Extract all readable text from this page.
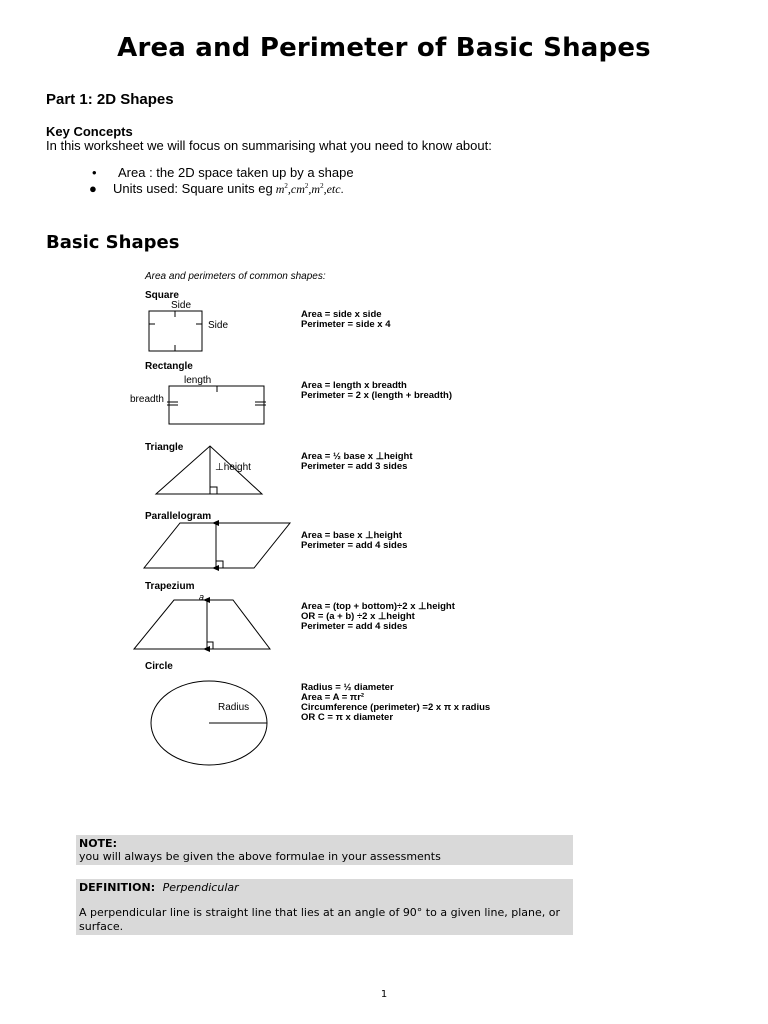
Area and Perimeter of Basic Shapes
Part 1: 2D Shapes
Key Concepts
In this worksheet we will focus on summarising what you need to know about:
•	Area : the 2D space taken up by a shape
●	Units used: Square units eg $m^2,cm^2,m^2,etc$.
Basic Shapes
Area and perimeters of common shapes:
Square
Side
Side
Area = side x side
Perimeter = side x 4
Rectangle
length
breadth
Area = length x breadth
Perimeter = 2 x (length + breadth)
Triangle
⊥height
Area = ½ base x ⊥height
Perimeter = add 3 sides
Parallelogram
Area = base x ⊥height
Perimeter = add 4 sides
Trapezium
a
Area = (top + bottom)÷2 x ⊥height
OR = (a + b) ÷2 x ⊥height
Perimeter = add 4 sides
Circle
Radius
Radius = ½ diameter
Area = A = πr²
Circumference (perimeter) =2 x π x radius
OR C = π x diameter
NOTE:
you will always be given the above formulae in your assessments
DEFINITION: Perpendicular
A perpendicular line is straight line that lies at an angle of 90° to a given line, plane, or surface.
1
